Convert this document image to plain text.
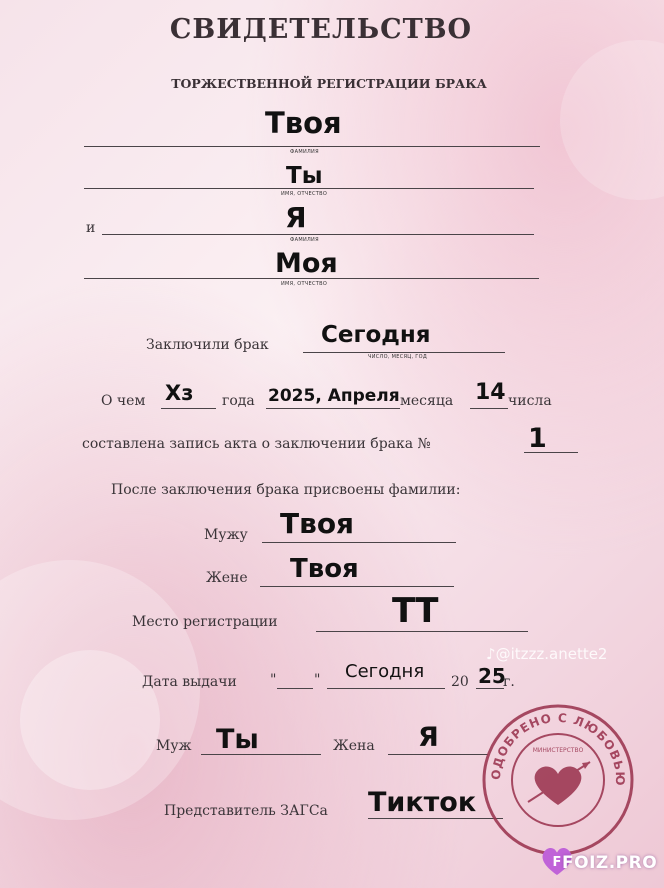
СВИДЕТЕЛЬСТВО
ТОРЖЕСТВЕННОЙ РЕГИСТРАЦИИ БРАКА
Твоя
ФАМИЛИЯ
Ты
ИМЯ, ОТЧЕСТВО
и	Я
ФАМИЛИЯ
Моя
ИМЯ, ОТЧЕСТВО
Заключили брак Сегодня
ЧИСЛО, МЕСЯЦ, ГОД
О чем Хз года 2025, Апреля месяца 14 числа
составлена запись акта о заключении брака №	1
После заключения брака присвоены фамилии:
Мужу Твоя
Жене Твоя
Место регистрации	ТТ
Дата выдачи "	" Сегодня 20 25
г.
Муж Ты	Жена Я
Представитель ЗАГСа Тикток
ОДОБРЕНО С ЛЮБОВЬЮ
МИНИСТЕРСТВО
♪@itzzz.anette2
F FOIZ.PRO
